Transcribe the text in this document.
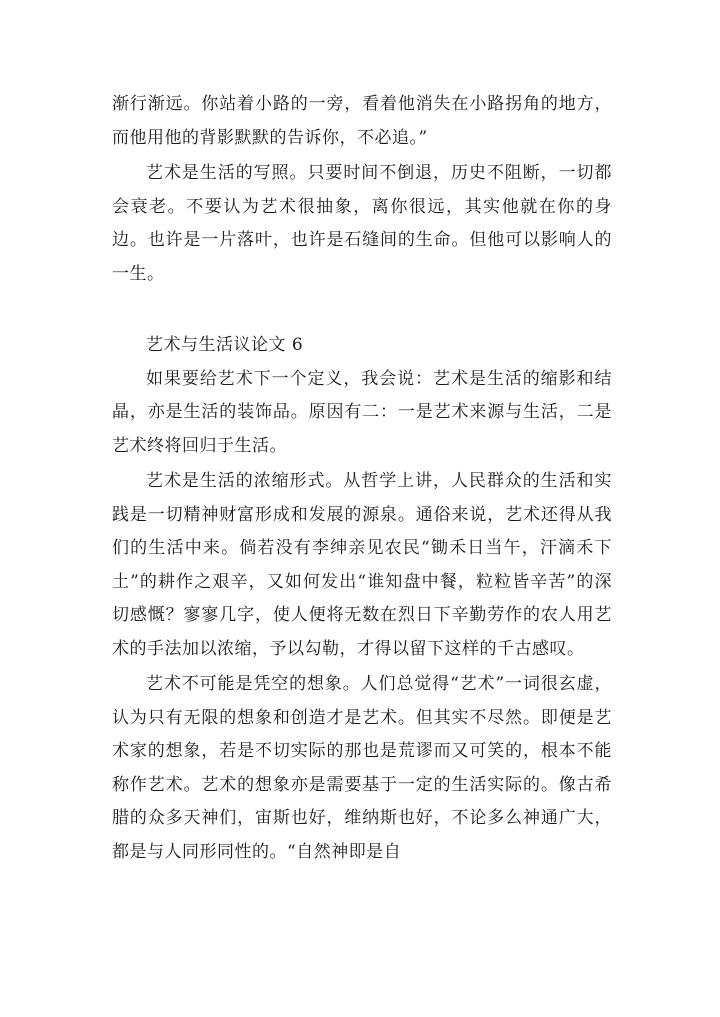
渐行渐远。你站着小路的一旁，看着他消失在小路拐角的地方，而他用他的背影默默的告诉你，不必追。”

艺术是生活的写照。只要时间不倒退，历史不阻断，一切都会衰老。不要认为艺术很抽象，离你很远，其实他就在你的身边。也许是一片落叶，也许是石缝间的生命。但他可以影响人的一生。

艺术与生活议论文 6

如果要给艺术下一个定义，我会说：艺术是生活的缩影和结晶，亦是生活的装饰品。原因有二：一是艺术来源与生活，二是艺术终将回归于生活。

艺术是生活的浓缩形式。从哲学上讲，人民群众的生活和实践是一切精神财富形成和发展的源泉。通俗来说，艺术还得从我们的生活中来。倘若没有李绅亲见农民“锄禾日当午，汗滴禾下土”的耕作之艰辛，又如何发出“谁知盘中餐，粒粒皆辛苦”的深切感慨？寥寥几字，使人便将无数在烈日下辛勤劳作的农人用艺术的手法加以浓缩，予以勾勒，才得以留下这样的千古感叹。

艺术不可能是凭空的想象。人们总觉得“艺术”一词很玄虚，认为只有无限的想象和创造才是艺术。但其实不尽然。即便是艺术家的想象，若是不切实际的那也是荒谬而又可笑的，根本不能称作艺术。艺术的想象亦是需要基于一定的生活实际的。像古希腊的众多天神们，宙斯也好，维纳斯也好，不论多么神通广大，都是与人同形同性的。“自然神即是自
